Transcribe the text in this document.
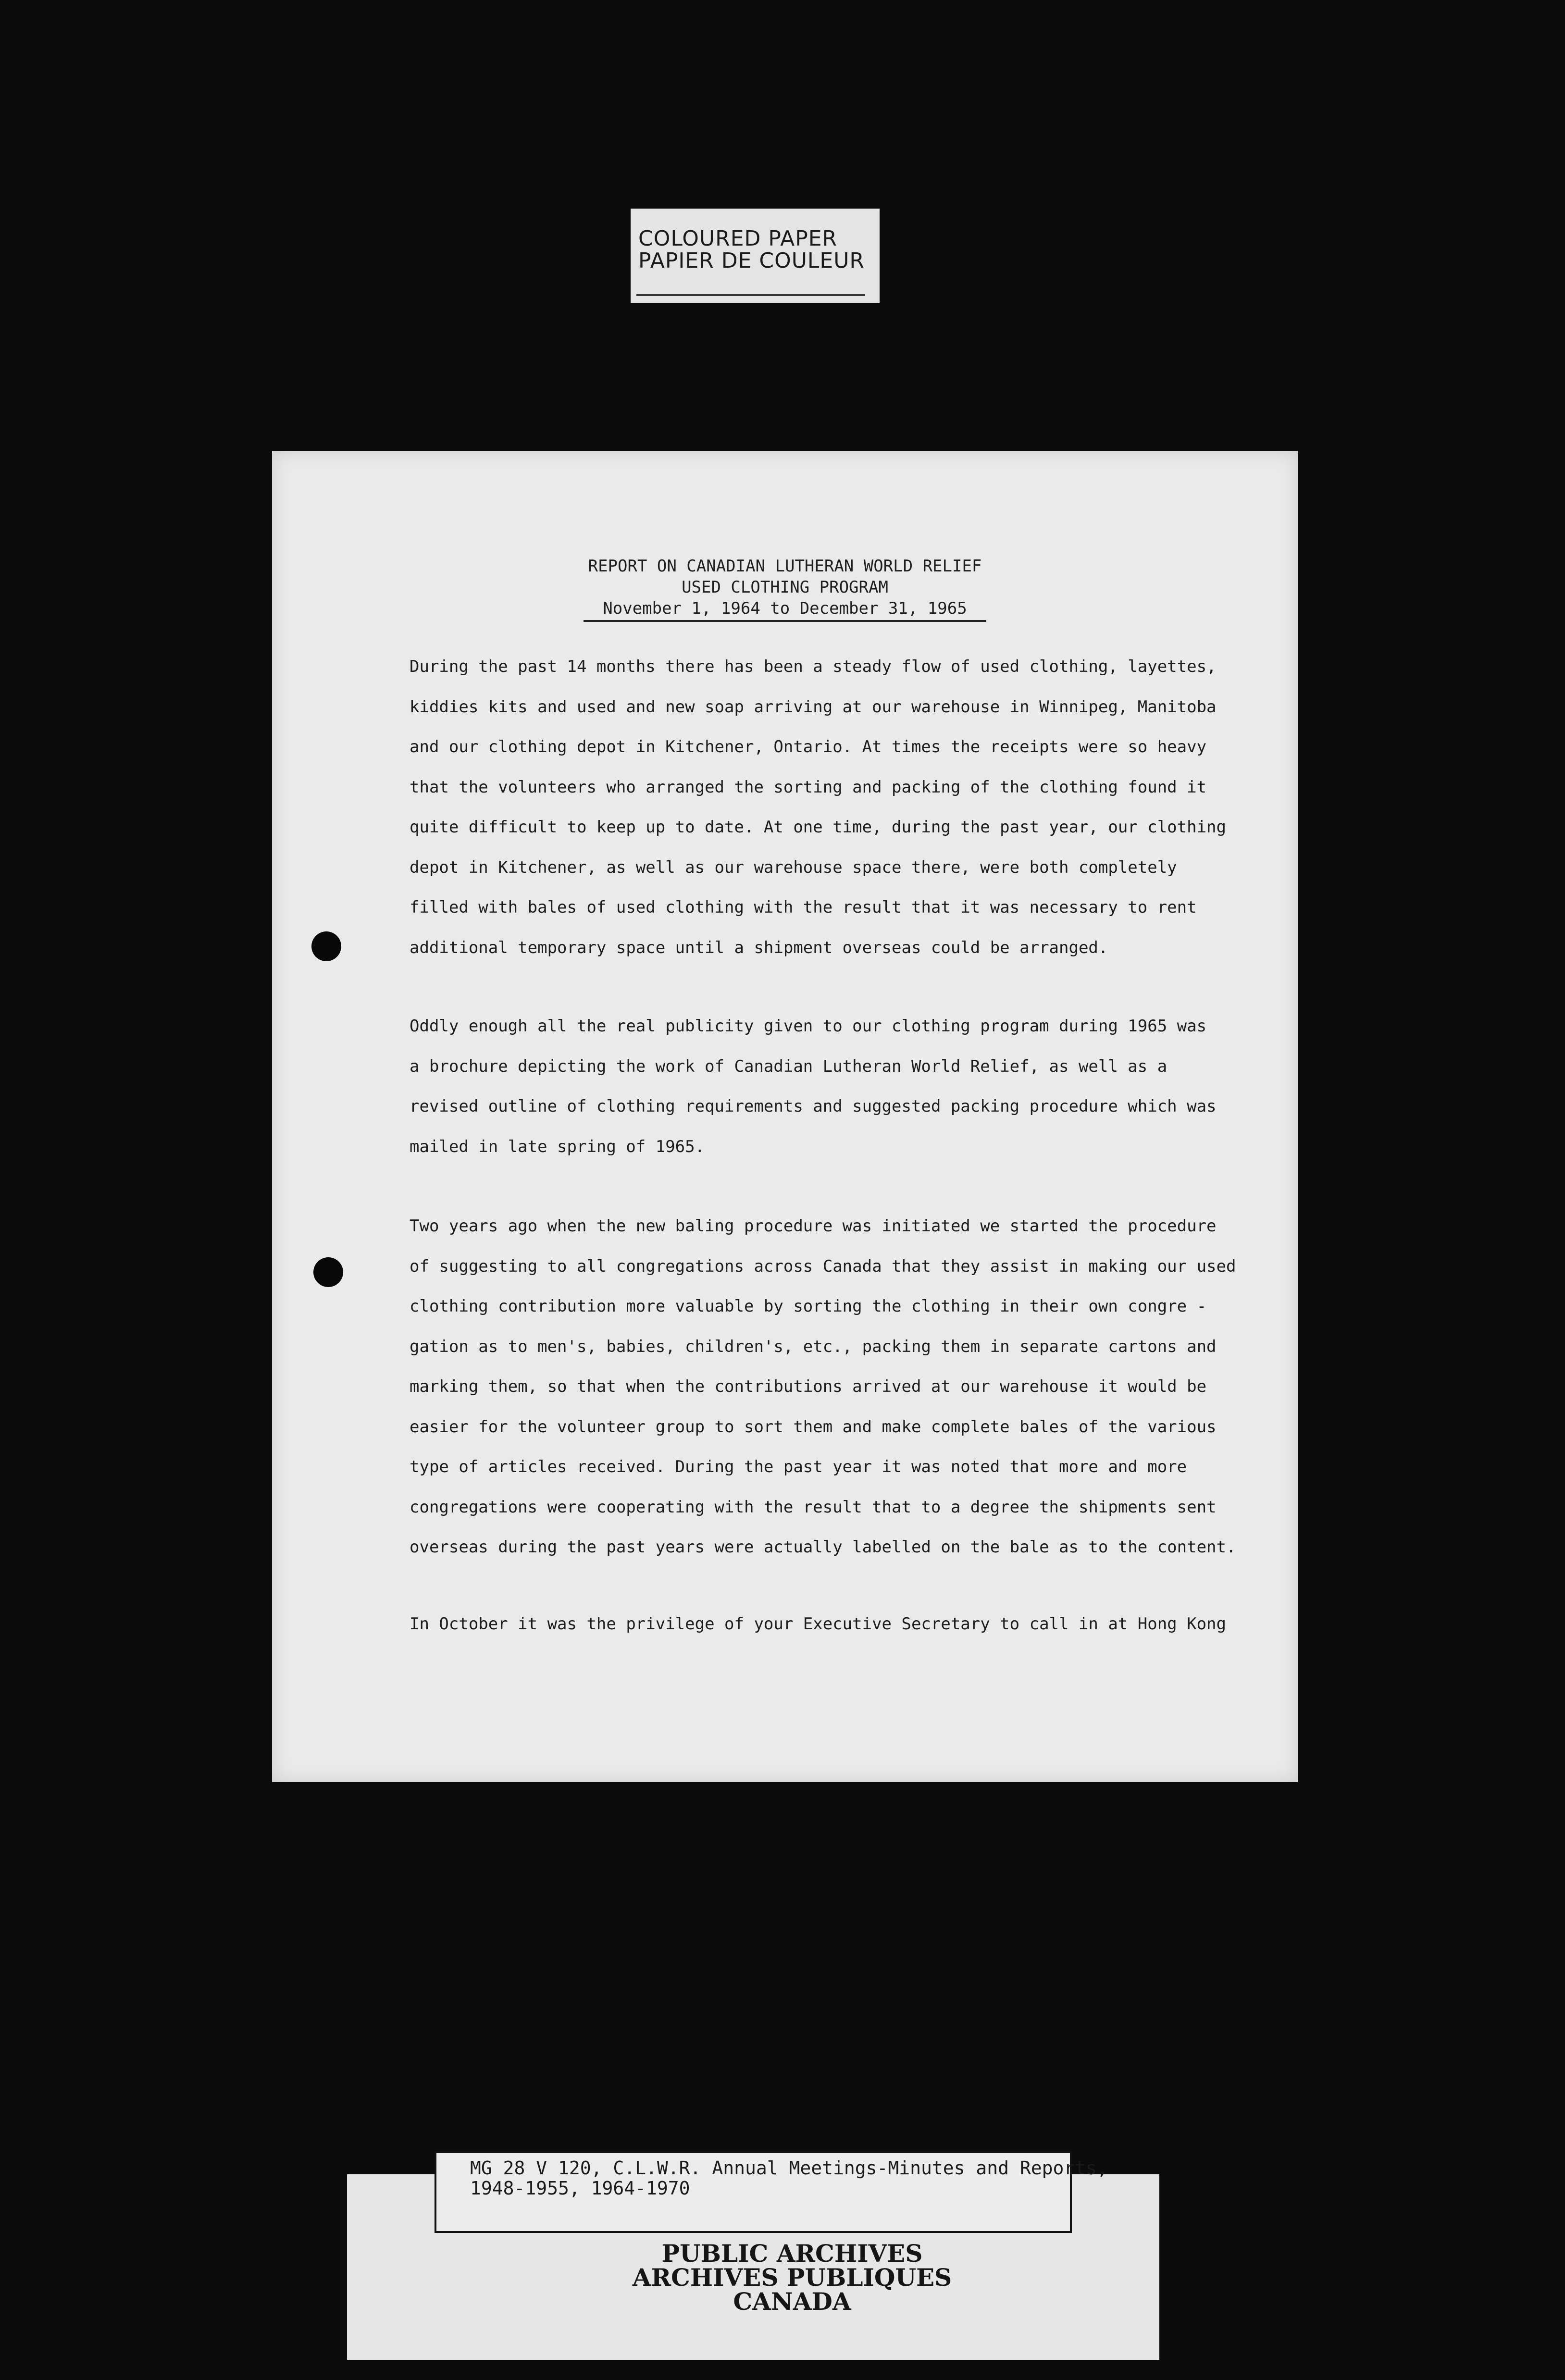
COLOURED PAPER
PAPIER DE COULEUR
REPORT ON CANADIAN LUTHERAN WORLD RELIEF
USED CLOTHING PROGRAM
November 1, 1964 to December 31, 1965
During the past 14 months there has been a steady flow of used clothing, layettes,
kiddies kits and used and new soap arriving at our warehouse in Winnipeg, Manitoba
and our clothing depot in Kitchener, Ontario. At times the receipts were so heavy
that the volunteers who arranged the sorting and packing of the clothing found it
quite difficult to keep up to date. At one time, during the past year, our clothing
depot in Kitchener, as well as our warehouse space there, were both completely
filled with bales of used clothing with the result that it was necessary to rent
additional temporary space until a shipment overseas could be arranged.
Oddly enough all the real publicity given to our clothing program during 1965 was
a brochure depicting the work of Canadian Lutheran World Relief, as well as a
revised outline of clothing requirements and suggested packing procedure which was
mailed in late spring of 1965.
Two years ago when the new baling procedure was initiated we started the procedure
of suggesting to all congregations across Canada that they assist in making our used
clothing contribution more valuable by sorting the clothing in their own congre -
gation as to men's, babies, children's, etc., packing them in separate cartons and
marking them, so that when the contributions arrived at our warehouse it would be
easier for the volunteer group to sort them and make complete bales of the various
type of articles received. During the past year it was noted that more and more
congregations were cooperating with the result that to a degree the shipments sent
overseas during the past years were actually labelled on the bale as to the content.
In October it was the privilege of your Executive Secretary to call in at Hong Kong
MG 28 V 120, C.L.W.R. Annual Meetings-Minutes and Reports,
1948-1955, 1964-1970
PUBLIC ARCHIVES
ARCHIVES PUBLIQUES
CANADA
